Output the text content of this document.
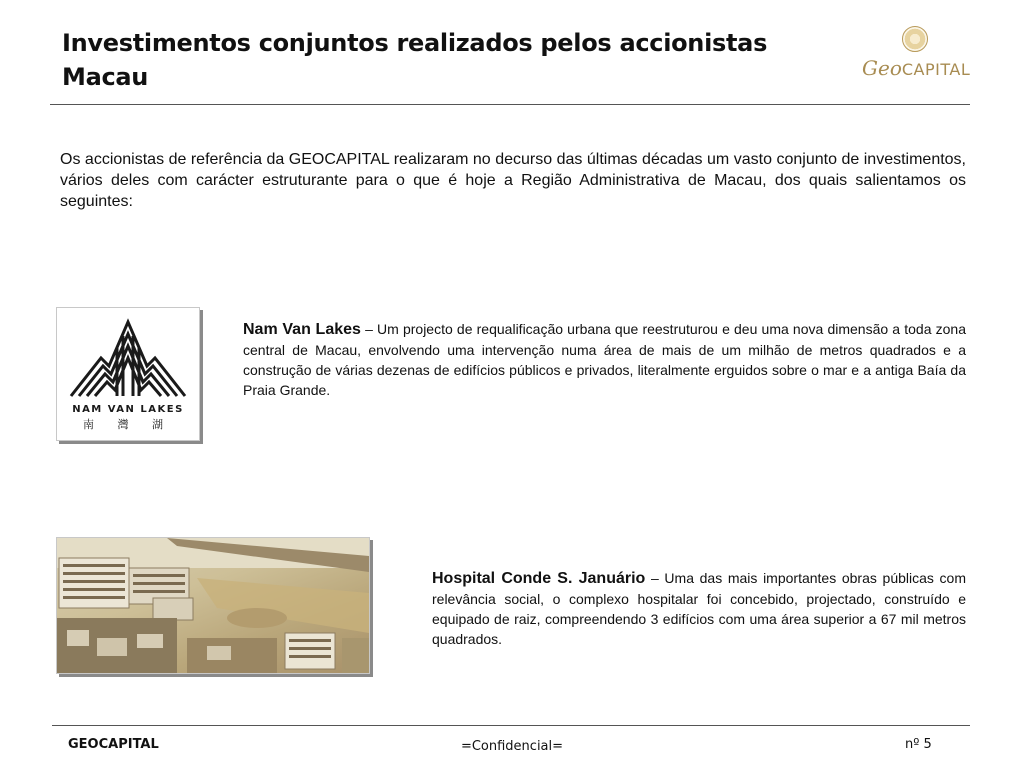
Investimentos conjuntos realizados pelos accionistas
Macau	GeoCAPITAL
Os accionistas de referência da GEOCAPITAL realizaram no decurso das últimas décadas um vasto conjunto de investimentos, vários deles com carácter estruturante para o que é hoje a Região Administrativa de Macau, dos quais salientamos os seguintes:
NAM VAN LAKES
南 灣 湖
Nam Van Lakes – Um projecto de requalificação urbana que reestruturou e deu uma nova dimensão a toda zona central de Macau, envolvendo uma intervenção numa área de mais de um milhão de metros quadrados e a construção de várias dezenas de edifícios públicos e privados, literalmente erguidos sobre o mar e a antiga Baía da Praia Grande.
Hospital Conde S. Januário – Uma das mais importantes obras públicas com relevância social, o complexo hospitalar foi concebido, projectado, construído e equipado de raiz, compreendendo 3 edifícios com uma área superior a 67 mil metros quadrados.
GEOCAPITAL	=Confidencial=	nº 5
